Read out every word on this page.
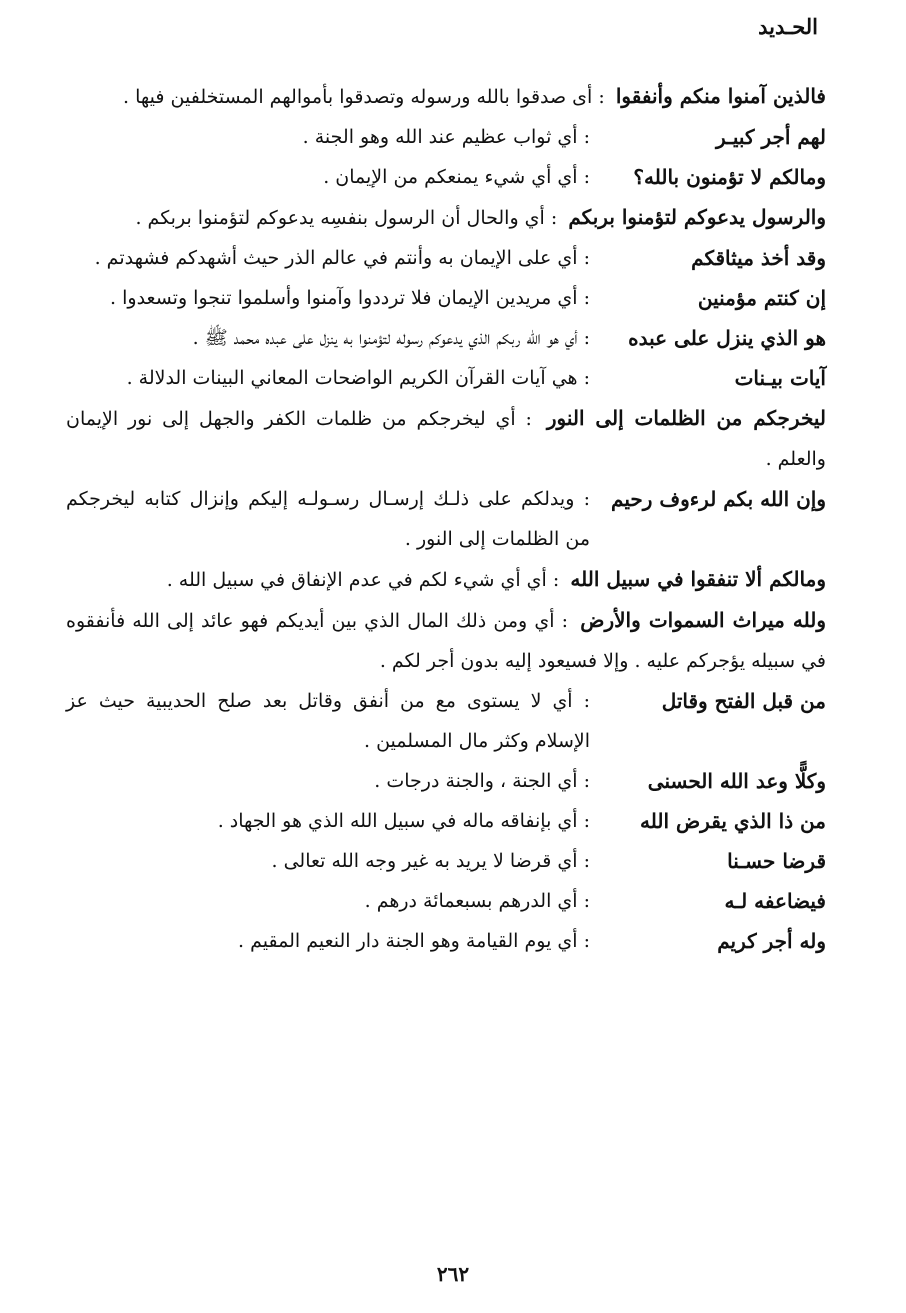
الحـديد
فالذين آمنوا منكم وأنفقوا : أى صدقوا بالله ورسوله وتصدقوا بأموالهم المستخلفين فيها .
لهم أجر كبيـر
: أي ثواب عظيم عند الله وهو الجنة .
ومالكم لا تؤمنون بالله؟
: أي أي شيء يمنعكم من الإيمان .
والرسول يدعوكم لتؤمنوا بربكم : أي والحال أن الرسول بنفسِه يدعوكم لتؤمنوا بربكم .
وقد أخذ ميثاقكم
: أي على الإيمان به وأنتم في عالم الذر حيث أشهدكم فشهدتم .
إن كنتم مؤمنين
: أي مريدين الإيمان فلا ترددوا وآمنوا وأسلموا تنجوا وتسعدوا .
هو الذي ينزل على عبده
: أي هو الله ربكم الذي يدعوكم رسوله لتؤمنوا به ينزل على عبده محمد ﷺ .
آيات بيـنات
: هي آيات القرآن الكريم الواضحات المعاني البينات الدلالة .
ليخرجكم من الظلمات إلى النور : أي ليخرجكم من ظلمات الكفر والجهل إلى نور الإيمان والعلم .
وإن الله بكم لرءوف رحيم
: ويدلكم على ذلـك إرسـال رسـولـه إليكم وإنزال كتابه ليخرجكم من الظلمات إلى النور .
ومالكم ألا تنفقوا في سبيل الله : أي أي شيء لكم في عدم الإنفاق في سبيل الله .
ولله ميراث السموات والأرض : أي ومن ذلك المال الذي بين أيديكم فهو عائد إلى الله فأنفقوه في سبيله يؤجركم عليه . وإلا فسيعود إليه بدون أجر لكم .
من قبل الفتح وقاتل
: أي لا يستوى مع من أنفق وقاتل بعد صلح الحديبية حيث عز الإسلام وكثر مال المسلمين .
وكلًّا وعد الله الحسنى
: أي الجنة ، والجنة درجات .
من ذا الذي يقرض الله
: أي بإنفاقه ماله في سبيل الله الذي هو الجهاد .
قرضا حسـنا
: أي قرضا لا يريد به غير وجه الله تعالى .
فيضاعفه لـه
: أي الدرهم بسبعمائة درهم .
وله أجر كريم
: أي يوم القيامة وهو الجنة دار النعيم المقيم .
٢٦٢
